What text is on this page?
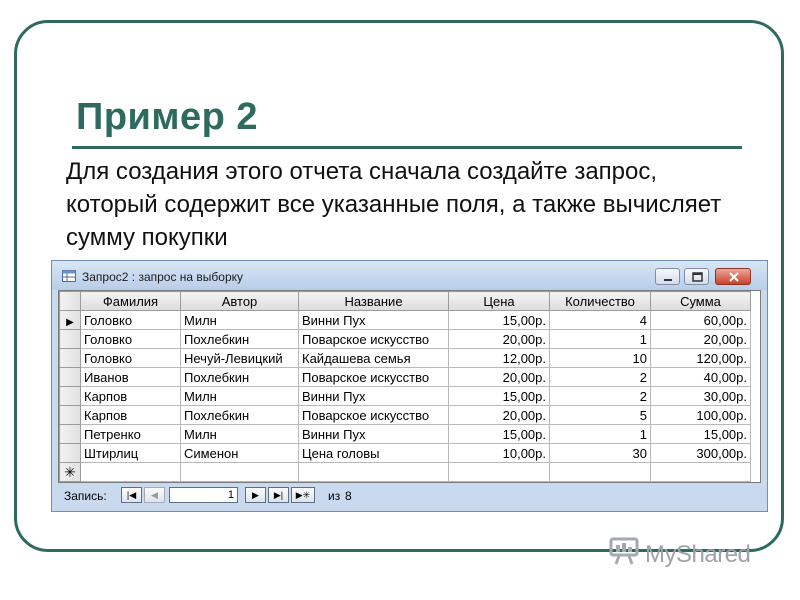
Пример 2
Для создания этого отчета сначала создайте запрос, который содержит все указанные поля, а также вычисляет сумму покупки
Запрос2 : запрос на выборку
	Фамилия	Автор	Название	Цена	Количество	Сумма
▶	Головко	Милн	Винни Пух	15,00р.	4	60,00р.
	Головко	Похлебкин	Поварское искусство	20,00р.	1	20,00р.
	Головко	Нечуй-Левицкий	Кайдашева семья	12,00р.	10	120,00р.
	Иванов	Похлебкин	Поварское искусство	20,00р.	2	40,00р.
	Карпов	Милн	Винни Пух	15,00р.	2	30,00р.
	Карпов	Похлебкин	Поварское искусство	20,00р.	5	100,00р.
	Петренко	Милн	Винни Пух	15,00р.	1	15,00р.
	Штирлиц	Сименон	Цена головы	10,00р.	30	300,00р.
✳						
Запись:	|◀	◀	1	▶	▶|	▶✳	из 8
MyShared
